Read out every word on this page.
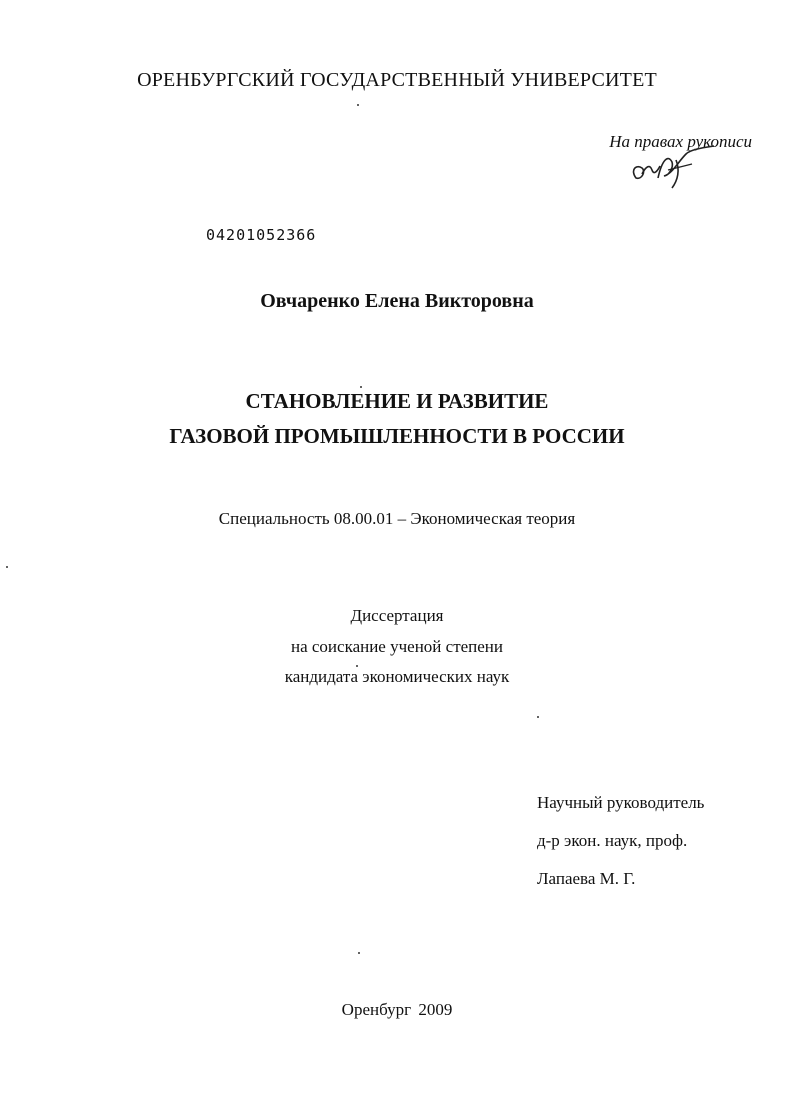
ОРЕНБУРГСКИЙ ГОСУДАРСТВЕННЫЙ УНИВЕРСИТЕТ
На правах рукописи
04201052366
Овчаренко Елена Викторовна
СТАНОВЛЕНИЕ И РАЗВИТИЕ
ГАЗОВОЙ ПРОМЫШЛЕННОСТИ В РОССИИ
Специальность 08.00.01 – Экономическая теория
Диссертация
на соискание ученой степени
кандидата экономических наук
Научный руководитель
д-р экон. наук, проф.
Лапаева М. Г.
Оренбург 2009
